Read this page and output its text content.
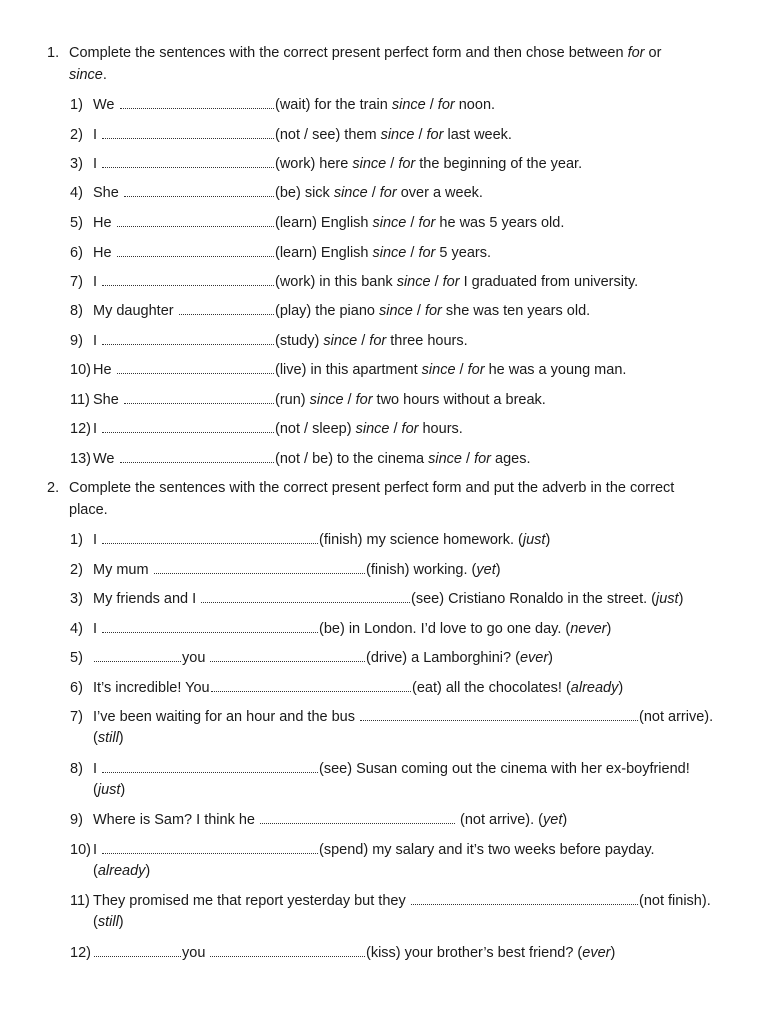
1. Complete the sentences with the correct present perfect form and then chose between for or
since.
1) We	(wait) for the train since / for noon.
2) I	(not / see) them since / for last week.
3) I	(work) here since / for the beginning of the year.
4) She	(be) sick since / for over a week.
5) He	(learn) English since / for he was 5 years old.
6) He	(learn) English since / for 5 years.
7) I	(work) in this bank since / for I graduated from university.
8) My daughter	(play) the piano since / for she was ten years old.
9) I	(study) since / for three hours.
10) He	(live) in this apartment since / for he was a young man.
11) She	(run) since / for two hours without a break.
12) I	(not / sleep) since / for hours.
13) We	(not / be) to the cinema since / for ages.
2. Complete the sentences with the correct present perfect form and put the adverb in the correct place.
1) I	(finish) my science homework. (just)
2) My mum	(finish) working. (yet)
3) My friends and I	(see) Cristiano Ronaldo in the street. (just)
4) I	(be) in London. I’d love to go one day. (never)
5)	you	(drive) a Lamborghini? (ever)
6) It’s incredible! You	(eat) all the chocolates! (already)
7) I’ve been waiting for an hour and the bus	(not arrive).
(still)
8) I	(see) Susan coming out the cinema with her ex-boyfriend!
(just)
9) Where is Sam? I think he	(not arrive). (yet)
10) I	(spend) my salary and it’s two weeks before payday.
(already)
11) They promised me that report yesterday but they	(not finish).
(still)
12)	you	(kiss) your brother’s best friend? (ever)
